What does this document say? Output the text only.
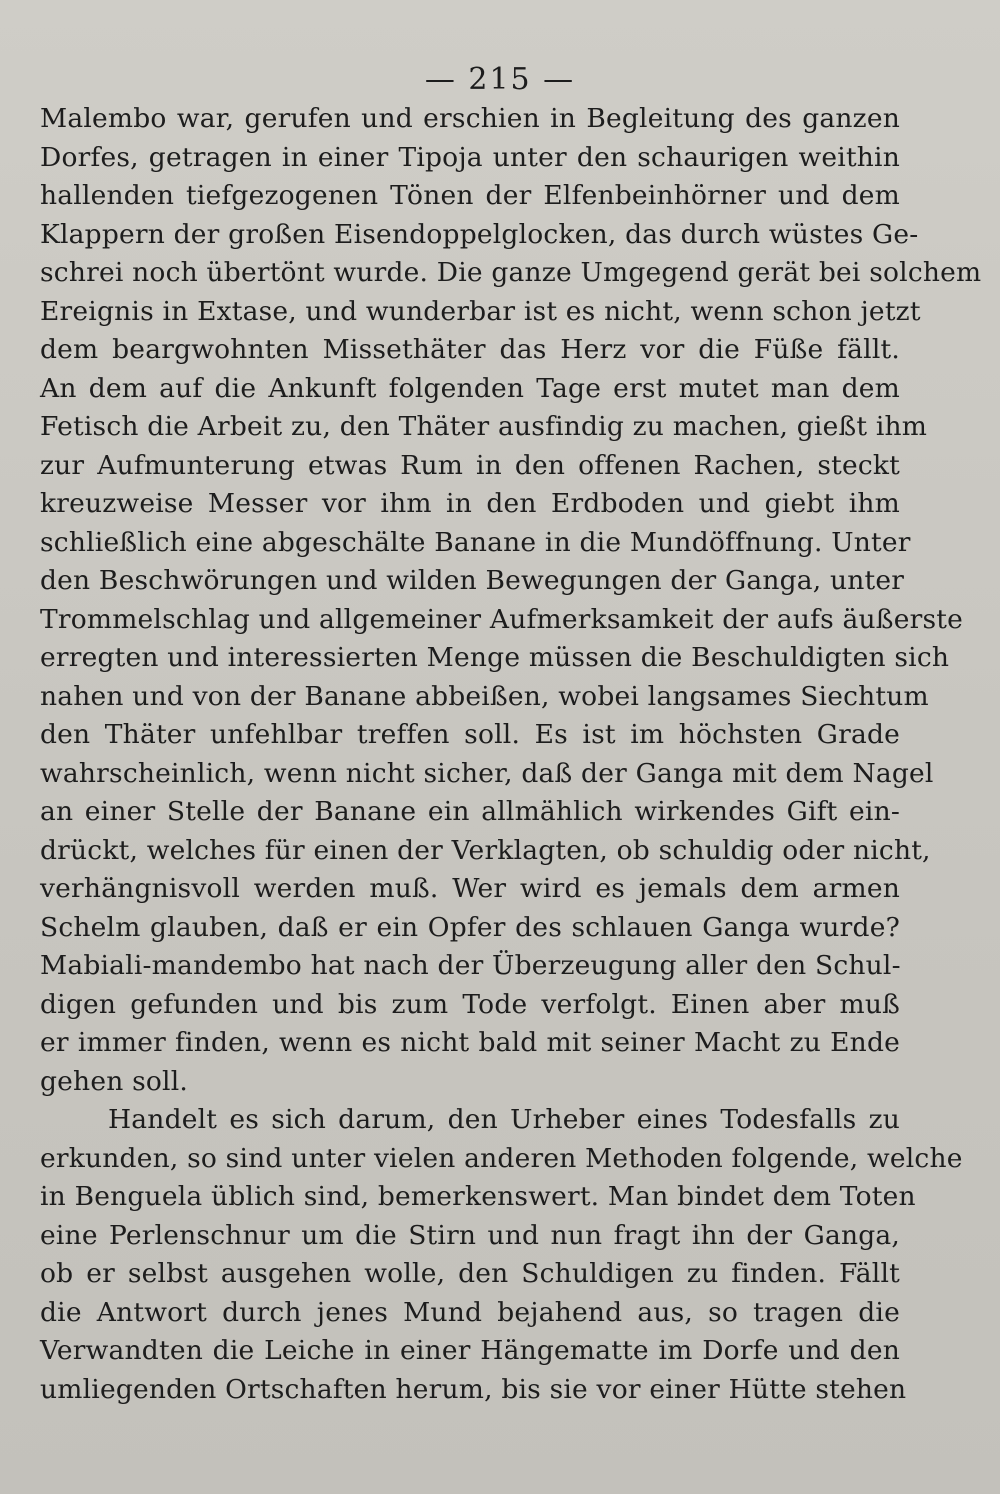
— 215 —
Malembo war, gerufen und erschien in Begleitung des ganzen
Dorfes, getragen in einer Tipoja unter den schaurigen weithin
hallenden tiefgezogenen Tönen der Elfenbeinhörner und dem
Klappern der großen Eisendoppelglocken, das durch wüstes Ge-
schrei noch übertönt wurde. Die ganze Umgegend gerät bei solchem
Ereignis in Extase, und wunderbar ist es nicht, wenn schon jetzt
dem beargwohnten Missethäter das Herz vor die Füße fällt.
An dem auf die Ankunft folgenden Tage erst mutet man dem
Fetisch die Arbeit zu, den Thäter ausfindig zu machen, gießt ihm
zur Aufmunterung etwas Rum in den offenen Rachen, steckt
kreuzweise Messer vor ihm in den Erdboden und giebt ihm
schließlich eine abgeschälte Banane in die Mundöffnung. Unter
den Beschwörungen und wilden Bewegungen der Ganga, unter
Trommelschlag und allgemeiner Aufmerksamkeit der aufs äußerste
erregten und interessierten Menge müssen die Beschuldigten sich
nahen und von der Banane abbeißen, wobei langsames Siechtum
den Thäter unfehlbar treffen soll. Es ist im höchsten Grade
wahrscheinlich, wenn nicht sicher, daß der Ganga mit dem Nagel
an einer Stelle der Banane ein allmählich wirkendes Gift ein-
drückt, welches für einen der Verklagten, ob schuldig oder nicht,
verhängnisvoll werden muß. Wer wird es jemals dem armen
Schelm glauben, daß er ein Opfer des schlauen Ganga wurde?
Mabiali-mandembo hat nach der Überzeugung aller den Schul-
digen gefunden und bis zum Tode verfolgt. Einen aber muß
er immer finden, wenn es nicht bald mit seiner Macht zu Ende
gehen soll.
Handelt es sich darum, den Urheber eines Todesfalls zu
erkunden, so sind unter vielen anderen Methoden folgende, welche
in Benguela üblich sind, bemerkenswert. Man bindet dem Toten
eine Perlenschnur um die Stirn und nun fragt ihn der Ganga,
ob er selbst ausgehen wolle, den Schuldigen zu finden. Fällt
die Antwort durch jenes Mund bejahend aus, so tragen die
Verwandten die Leiche in einer Hängematte im Dorfe und den
umliegenden Ortschaften herum, bis sie vor einer Hütte stehen
